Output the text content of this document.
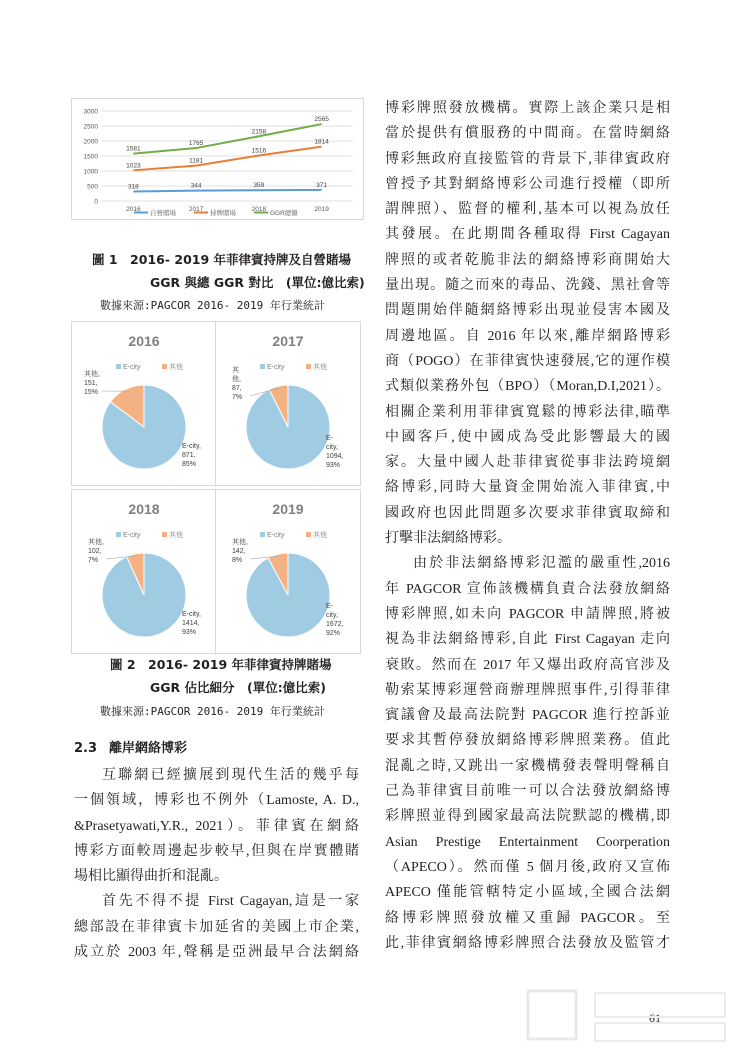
0
500
1000
1500
2000
2500
3000
2016	2017	2018	2019
318	344	359	371
1023
1181
1516
1814
1581
1765
2158
2565
自營賭場	持牌賭場	GGR總額
圖 1　2016- 2019 年菲律賓持牌及自營賭場
GGR 與總 GGR 對比　(單位:億比索)
數據來源:PAGCOR 2016- 2019 年行業統計
2016
E-city	其他
其他,
151,
15%
E-city,
871,
85%
2017
E-city	其他
其
他,
87,
7%
E-
city,
1094,
93%
2018
E-city	其他
其他,
102,
7%
E-city,
1414,
93%
2019
E-city	其他
其他,
142,
8%
E-
city,
1672,
92%
圖 2　2016- 2019 年菲律賓持牌賭場
GGR 佔比細分　(單位:億比索)
數據來源:PAGCOR 2016- 2019 年行業統計
2.3 離岸網絡博彩

互聯網已經擴展到現代生活的幾乎每

一個領域，博彩也不例外（Lamoste, A. D.,

&Prasetyawati,Y.R., 2021）。菲律賓在網絡

博彩方面較周邊起步較早,但與在岸實體賭

場相比顯得曲折和混亂。

首先不得不提 First Cagayan,這是一家

總部設在菲律賓卡加延省的美國上市企業,

成立於 2003 年,聲稱是亞洲最早合法網絡

博彩牌照發放機構。實際上該企業只是相

當於提供有償服務的中間商。在當時網絡

博彩無政府直接監管的背景下,菲律賓政府

曾授予其對網絡博彩公司進行授權（即所

謂牌照）、監督的權利,基本可以視為放任

其發展。在此期間各種取得 First Cagayan

牌照的或者乾脆非法的網絡博彩商開始大

量出現。隨之而來的毒品、洗錢、黑社會等

問題開始伴隨網絡博彩出現並侵害本國及

周邊地區。自 2016 年以來,離岸網路博彩

商（POGO）在菲律賓快速發展,它的運作模

式類似業務外包（BPO）（Moran,D.I,2021）。

相關企業利用菲律賓寬鬆的博彩法律,瞄準

中國客戶,使中國成為受此影響最大的國

家。大量中國人赴菲律賓從事非法跨境網

絡博彩,同時大量資金開始流入菲律賓,中

國政府也因此問題多次要求菲律賓取締和

打擊非法網絡博彩。

由於非法網絡博彩氾濫的嚴重性,2016

年 PAGCOR 宣佈該機構負責合法發放網絡

博彩牌照,如未向 PAGCOR 申請牌照,將被

視為非法網絡博彩,自此 First Cagayan 走向

衰敗。然而在 2017 年又爆出政府高官涉及

勒索某博彩運營商辦理牌照事件,引得菲律

賓議會及最高法院對 PAGCOR 進行控訴並

要求其暫停發放網絡博彩牌照業務。值此

混亂之時,又跳出一家機構發表聲明聲稱自

己為菲律賓目前唯一可以合法發放網絡博

彩牌照並得到國家最高法院默認的機構,即

Asian Prestige Entertainment Coorperation

（APECO）。然而僅 5 個月後,政府又宣佈

APECO 僅能管轄特定小區域,全國合法網

絡博彩牌照發放權又重歸 PAGCOR。至

此,菲律賓網絡博彩牌照合法發放及監管才

61
